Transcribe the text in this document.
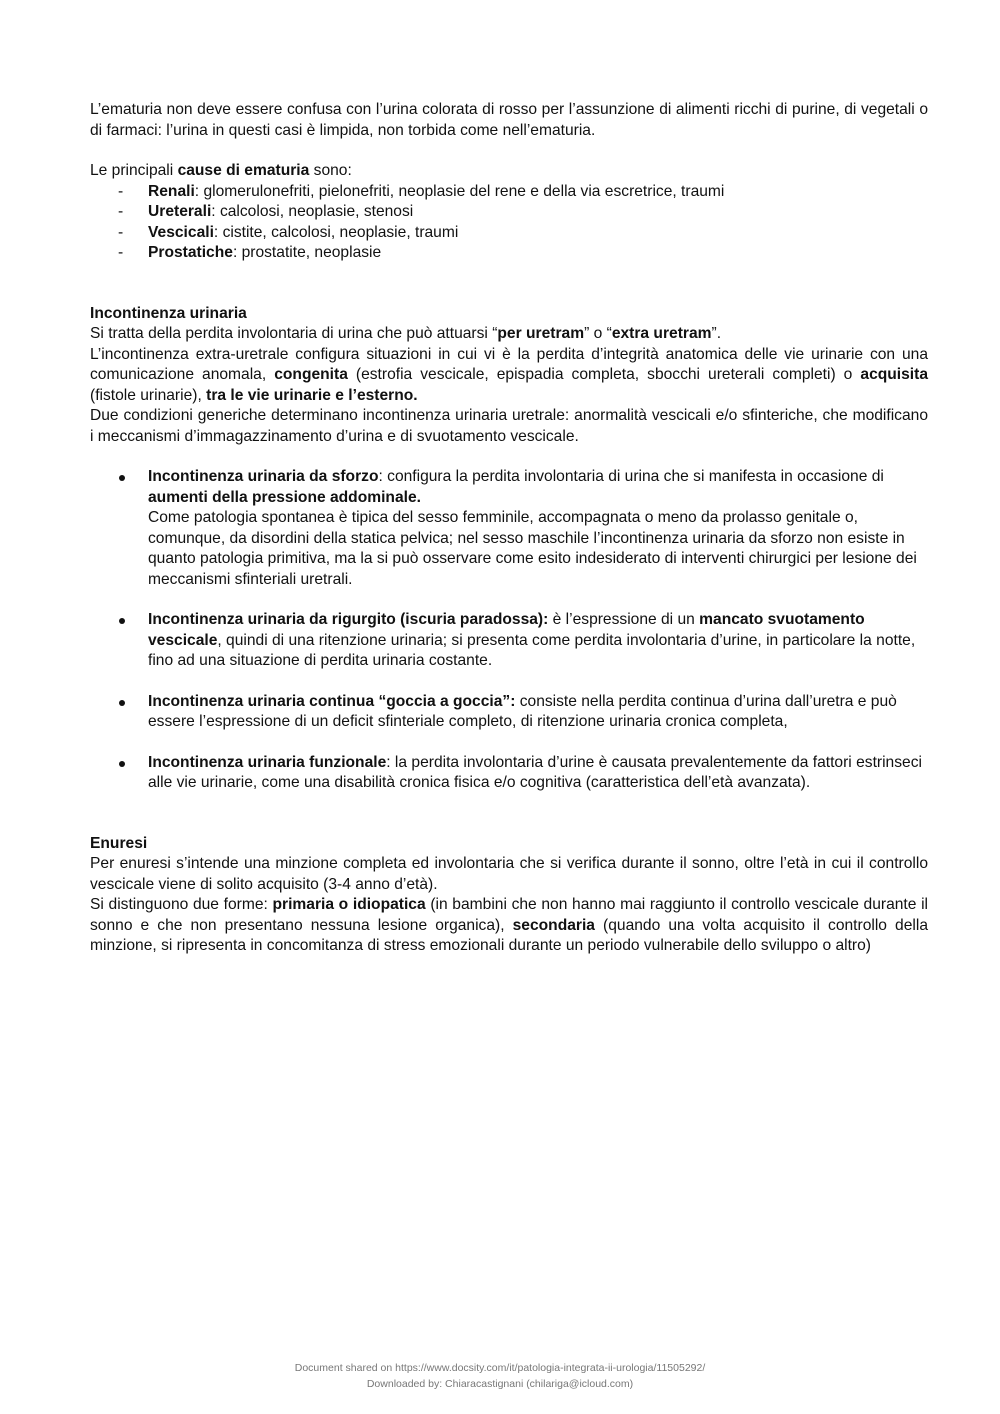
L’ematuria non deve essere confusa con l’urina colorata di rosso per l’assunzione di alimenti ricchi di purine, di vegetali o di farmaci: l’urina in questi casi è limpida, non torbida come nell’ematuria.

Le principali cause di ematuria sono:

- Renali: glomerulonefriti, pielonefriti, neoplasie del rene e della via escretrice, traumi
- Ureterali: calcolosi, neoplasie, stenosi
- Vescicali: cistite, calcolosi, neoplasie, traumi
- Prostatiche: prostatite, neoplasie

Incontinenza urinaria

Si tratta della perdita involontaria di urina che può attuarsi “per uretram” o “extra uretram”.

L’incontinenza extra-uretrale configura situazioni in cui vi è la perdita d’integrità anatomica delle vie urinarie con una comunicazione anomala, congenita (estrofia vescicale, epispadia completa, sbocchi ureterali completi) o acquisita (fistole urinarie), tra le vie urinarie e l’esterno.

Due condizioni generiche determinano incontinenza urinaria uretrale: anormalità vescicali e/o sfinteriche, che modificano i meccanismi d’immagazzinamento d’urina e di svuotamento vescicale.

Incontinenza urinaria da sforzo: configura la perdita involontaria di urina che si manifesta in occasione di aumenti della pressione addominale.
Come patologia spontanea è tipica del sesso femminile, accompagnata o meno da prolasso genitale o, comunque, da disordini della statica pelvica; nel sesso maschile l’incontinenza urinaria da sforzo non esiste in quanto patologia primitiva, ma la si può osservare come esito indesiderato di interventi chirurgici per lesione dei meccanismi sfinteriali uretrali.
Incontinenza urinaria da rigurgito (iscuria paradossa): è l’espressione di un mancato svuotamento vescicale, quindi di una ritenzione urinaria; si presenta come perdita involontaria d’urine, in particolare la notte, fino ad una situazione di perdita urinaria costante.
Incontinenza urinaria continua “goccia a goccia”: consiste nella perdita continua d’urina dall’uretra e può essere l’espressione di un deficit sfinteriale completo, di ritenzione urinaria cronica completa,
Incontinenza urinaria funzionale: la perdita involontaria d’urine è causata prevalentemente da fattori estrinseci alle vie urinarie, come una disabilità cronica fisica e/o cognitiva (caratteristica dell’età avanzata).

Enuresi

Per enuresi s’intende una minzione completa ed involontaria che si verifica durante il sonno, oltre l’età in cui il controllo vescicale viene di solito acquisito (3-4 anno d’età).

Si distinguono due forme: primaria o idiopatica (in bambini che non hanno mai raggiunto il controllo vescicale durante il sonno e che non presentano nessuna lesione organica), secondaria (quando una volta acquisito il controllo della minzione, si ripresenta in concomitanza di stress emozionali durante un periodo vulnerabile dello sviluppo o altro)

Document shared on https://www.docsity.com/it/patologia-integrata-ii-urologia/11505292/
Downloaded by: Chiaracastignani (chilariga@icloud.com)
